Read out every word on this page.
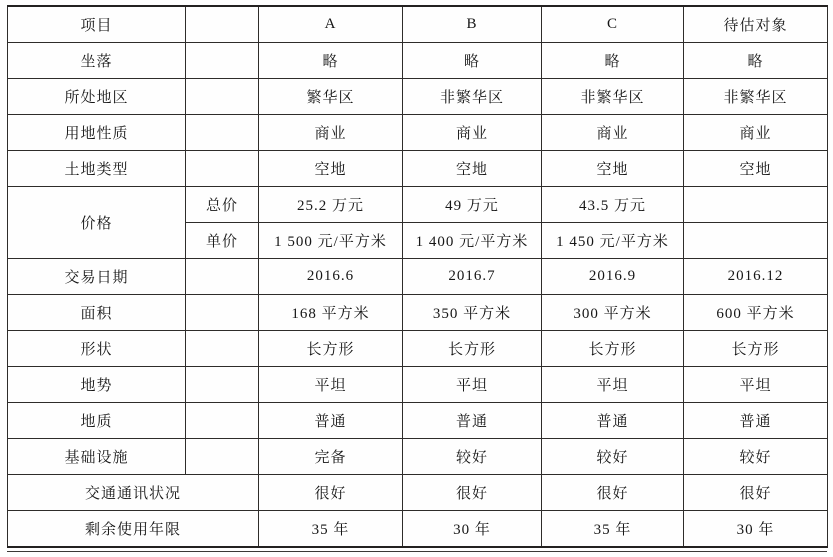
项目		A	B	C	待估对象
坐落		略	略	略	略
所处地区		繁华区	非繁华区	非繁华区	非繁华区
用地性质		商业	商业	商业	商业
土地类型		空地	空地	空地	空地
价格	总价	25.2 万元	49 万元	43.5 万元	
	单价	1 500 元/平方米	1 400 元/平方米	1 450 元/平方米	
交易日期		2016.6	2016.7	2016.9	2016.12
面积		168 平方米	350 平方米	300 平方米	600 平方米
形状		长方形	长方形	长方形	长方形
地势		平坦	平坦	平坦	平坦
地质		普通	普通	普通	普通
基础设施		完备	较好	较好	较好
交通通讯状况		很好	很好	很好	很好
剩余使用年限		35 年	30 年	35 年	30 年
